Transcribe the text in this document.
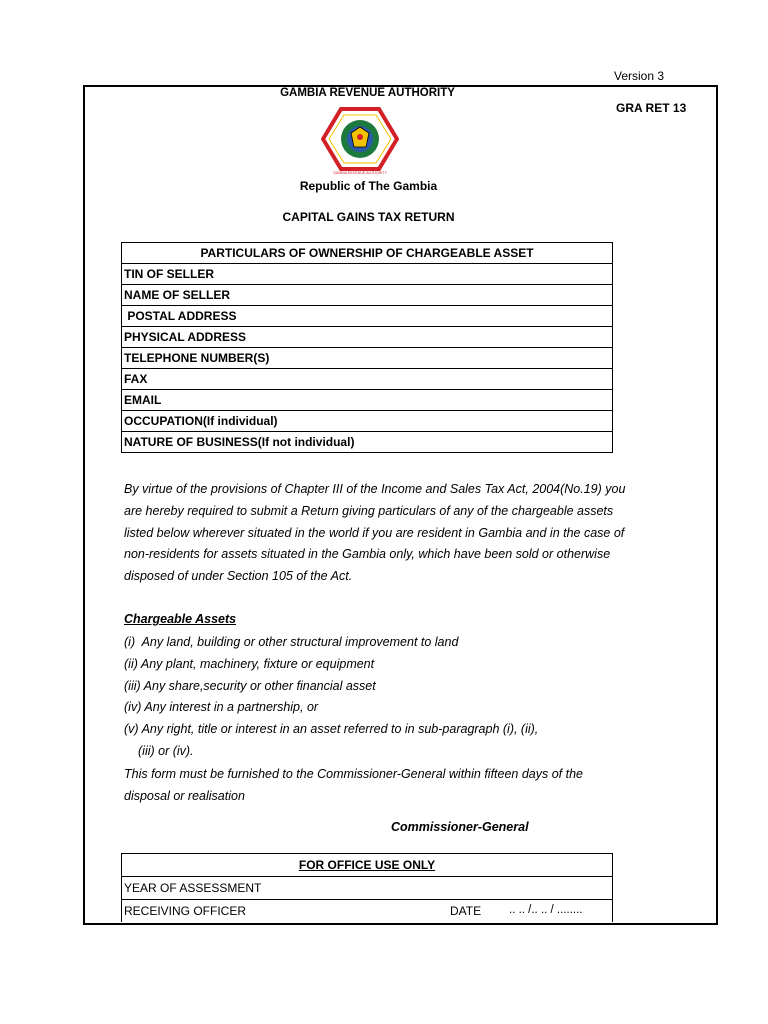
Version 3
GAMBIA REVENUE AUTHORITY
GRA RET 13
GAMBIA REVENUE AUTHORITY
Republic of The Gambia
CAPITAL GAINS TAX RETURN
PARTICULARS OF OWNERSHIP OF CHARGEABLE ASSET
TIN OF SELLER
NAME OF SELLER
POSTAL ADDRESS
PHYSICAL ADDRESS
TELEPHONE NUMBER(S)
FAX
EMAIL
OCCUPATION(If individual)
NATURE OF BUSINESS(If not individual)
By virtue of the provisions of Chapter III of the Income and Sales Tax Act, 2004(No.19) you are hereby required to submit a Return giving particulars of any of the chargeable assets listed below wherever situated in the world if you are resident in Gambia and in the case of non-residents for assets situated in the Gambia only, which have been sold or otherwise disposed of under Section 105 of the Act.
Chargeable Assets
(i)  Any land, building or other structural improvement to land
(ii) Any plant, machinery, fixture or equipment
(iii) Any share,security or other financial asset
(iv) Any interest in a partnership, or
(v) Any right, title or interest in an asset referred to in sub-paragraph (i), (ii),
(iii) or (iv).
This form must be furnished to the Commissioner-General within fifteen days of the disposal or realisation
Commissioner-General
FOR OFFICE USE ONLY
YEAR OF ASSESSMENT
RECEIVING OFFICER	DATE .. .. /.. .. / ........
